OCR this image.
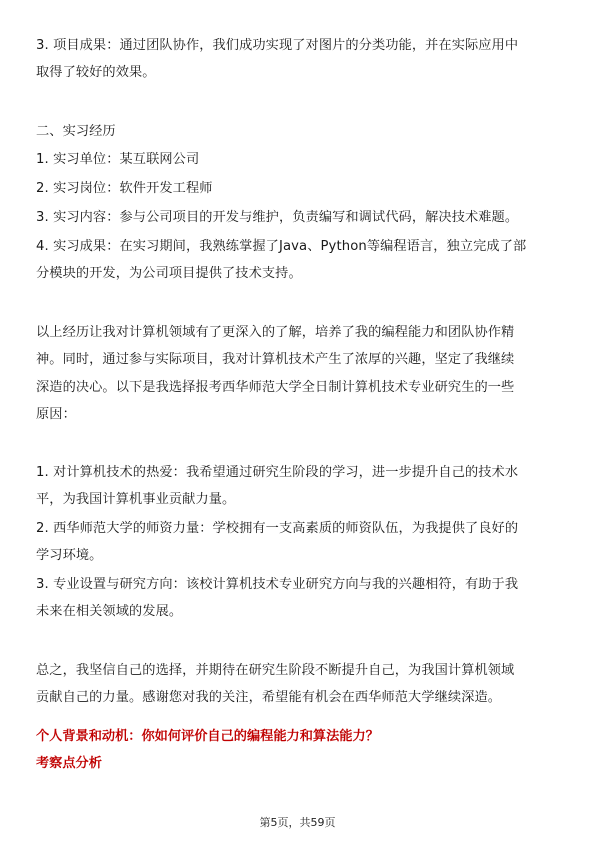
3. 项目成果：通过团队协作，我们成功实现了对图片的分类功能，并在实际应用中
取得了较好的效果。
二、实习经历
1. 实习单位：某互联网公司
2. 实习岗位：软件开发工程师
3. 实习内容：参与公司项目的开发与维护，负责编写和调试代码，解决技术难题。
4. 实习成果：在实习期间，我熟练掌握了Java、Python等编程语言，独立完成了部
分模块的开发，为公司项目提供了技术支持。
以上经历让我对计算机领域有了更深入的了解，培养了我的编程能力和团队协作精
神。同时，通过参与实际项目，我对计算机技术产生了浓厚的兴趣，坚定了我继续
深造的决心。以下是我选择报考西华师范大学全日制计算机技术专业研究生的一些
原因：
1. 对计算机技术的热爱：我希望通过研究生阶段的学习，进一步提升自己的技术水
平，为我国计算机事业贡献力量。
2. 西华师范大学的师资力量：学校拥有一支高素质的师资队伍，为我提供了良好的
学习环境。
3. 专业设置与研究方向：该校计算机技术专业研究方向与我的兴趣相符，有助于我
未来在相关领域的发展。
总之，我坚信自己的选择，并期待在研究生阶段不断提升自己，为我国计算机领域
贡献自己的力量。感谢您对我的关注，希望能有机会在西华师范大学继续深造。
个人背景和动机：你如何评价自己的编程能力和算法能力？
考察点分析
第5页，共59页
